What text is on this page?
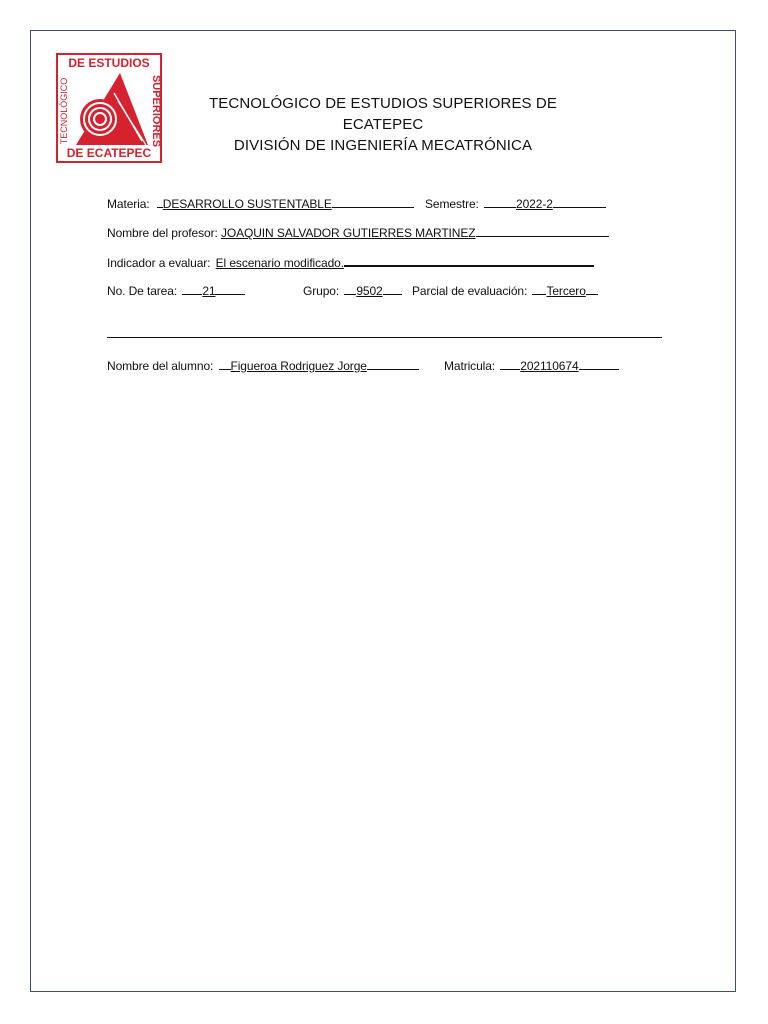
DE ESTUDIOS
DE ECATEPEC
TECNOLÓGICO	SUPERIORES	TECNOLÓGICO DE ESTUDIOS SUPERIORES DE ECATEPEC
DIVISIÓN DE INGENIERÍA MECATRÓNICA
Materia: DESARROLLO SUSTENTABLE	Semestre:	2022-2
Nombre del profesor: JOAQUIN SALVADOR GUTIERRES MARTINEZ
Indicador a evaluar: El escenario modificado.
No. De tarea: 21	Grupo: 9502	Parcial de evaluación: Tercero
Nombre del alumno: Figueroa Rodriguez Jorge	Matricula: 202110674
